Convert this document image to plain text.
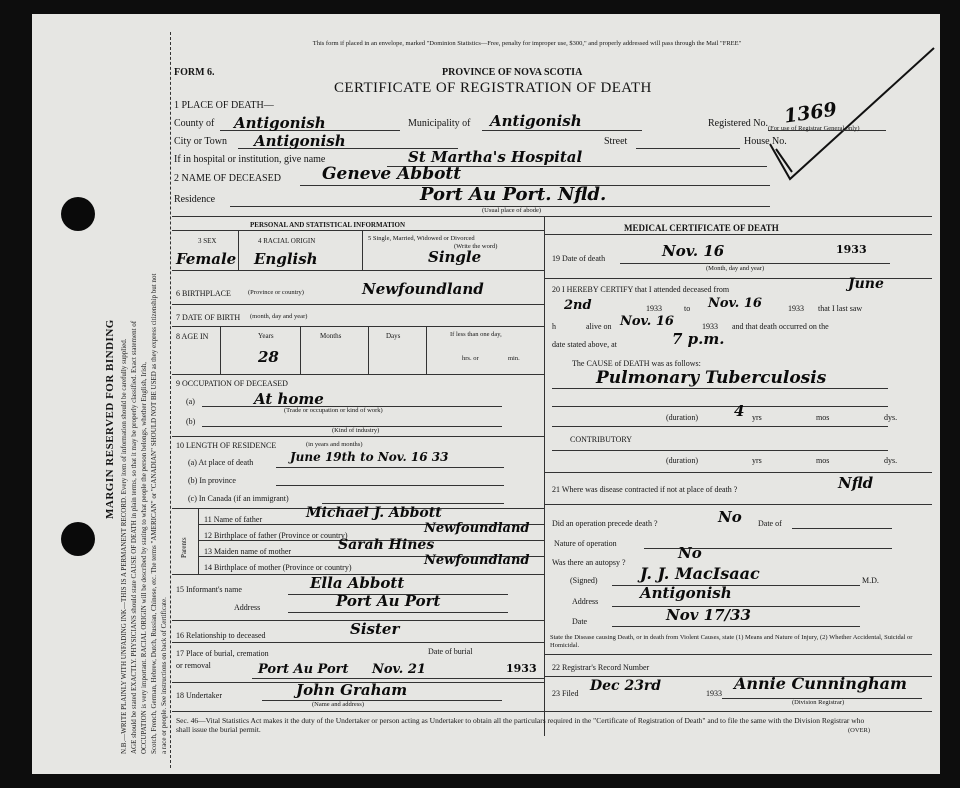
MARGIN RESERVED FOR BINDING N.B.—WRITE PLAINLY WITH UNFADING INK—THIS IS A PERMANENT RECORD. Every item of information should be carefully supplied. AGE should be stated EXACTLY. PHYSICIANS should state CAUSE OF DEATH in plain terms, so that it may be properly classified. Exact statement of OCCUPATION is very important. RACIAL ORIGIN will be described by stating to what people the person belongs, whether English, Irish, Scotch, French, German, Hebrew, Dutch, Russian, Chinese, etc. The terms "AMERICAN" or "CANADIAN" SHOULD NOT BE USED as they express citizenship but not a race or people. See instructions on back of Certificate.
This form if placed in an envelope, marked "Dominion Statistics—Free, penalty for improper use, $300," and properly addressed will pass through the Mail "FREE"
FORM 6.	PROVINCE OF NOVA SCOTIA
CERTIFICATE OF REGISTRATION OF DEATH
1 PLACE OF DEATH—
County of Antigonish	Municipality of Antigonish	Registered No. 1369
(For use of Registrar General only)
City or Town Antigonish	Street	House No.
If in hospital or institution, give name	St Martha's Hospital
2 NAME OF DECEASED Geneve Abbott
Residence	Port Au Port. Nfld.
(Usual place of abode)
PERSONAL AND STATISTICAL INFORMATION
3 SEX	4 RACIAL ORIGIN	5 Single, Married, Widowed or Divorced
(Write the word)
Female English	Single
6 BIRTHPLACE	(Province or country)	Newfoundland
7 DATE OF BIRTH (month, day and year)
8 AGE IN	Years
28
Months	Days	If less than one day,
hrs. or	min.
9 OCCUPATION OF DECEASED
(a)	At home
(Trade or occupation or kind of work)
(b)
(Kind of industry)
10 LENGTH OF RESIDENCE	(in years and months)
(a) At place of death	June 19th to Nov. 16 33
(b) In province
(c) In Canada (if an immigrant)
Parents
11 Name of father	Michael J. Abbott
12 Birthplace of father (Province or country)	Newfoundland
13 Maiden name of mother	Sarah Hines
14 Birthplace of mother (Province or country)	Newfoundland
15 Informant's name	Ella Abbott
Address	Port Au Port
16 Relationship to deceased	Sister
17 Place of burial, cremation or removal
Date of burial
Port Au Port Nov. 21	1933
18 Undertaker	John Graham
(Name and address)
MEDICAL CERTIFICATE OF DEATH
19 Date of death	Nov. 16	1933
(Month, day and year)
20 I HEREBY CERTIFY that I attended deceased from	June
2nd	1933	to Nov. 16	1933 that I last saw
h	alive on Nov. 16	1933 and that death occurred on the
date stated above, at	7 p.m.
The CAUSE of DEATH was as follows:
Pulmonary Tuberculosis
(duration) 4 yrs	mos	dys.
CONTRIBUTORY
(duration)	yrs	mos	dys.
21 Where was disease contracted if not at place of death ?	Nfld
Did an operation precede death ?	No Date of
Nature of operation
Was there an autopsy ?
No
(Signed)	J. J. MacIsaac	M.D.
Address	Antigonish
Date	Nov 17/33
State the Disease causing Death, or in death from Violent Causes, state (1) Means and Nature of Injury, (2) Whether Accidental, Suicidal or Homicidal.
22 Registrar's Record Number
23 Filed Dec 23rd	1933
Annie Cunningham
(Division Registrar)
Sec. 46—Vital Statistics Act makes it the duty of the Undertaker or person acting as Undertaker to obtain all the particulars required in the "Certificate of Registration of Death" and to file the same with the Division Registrar who shall issue the burial permit.	(OVER)
